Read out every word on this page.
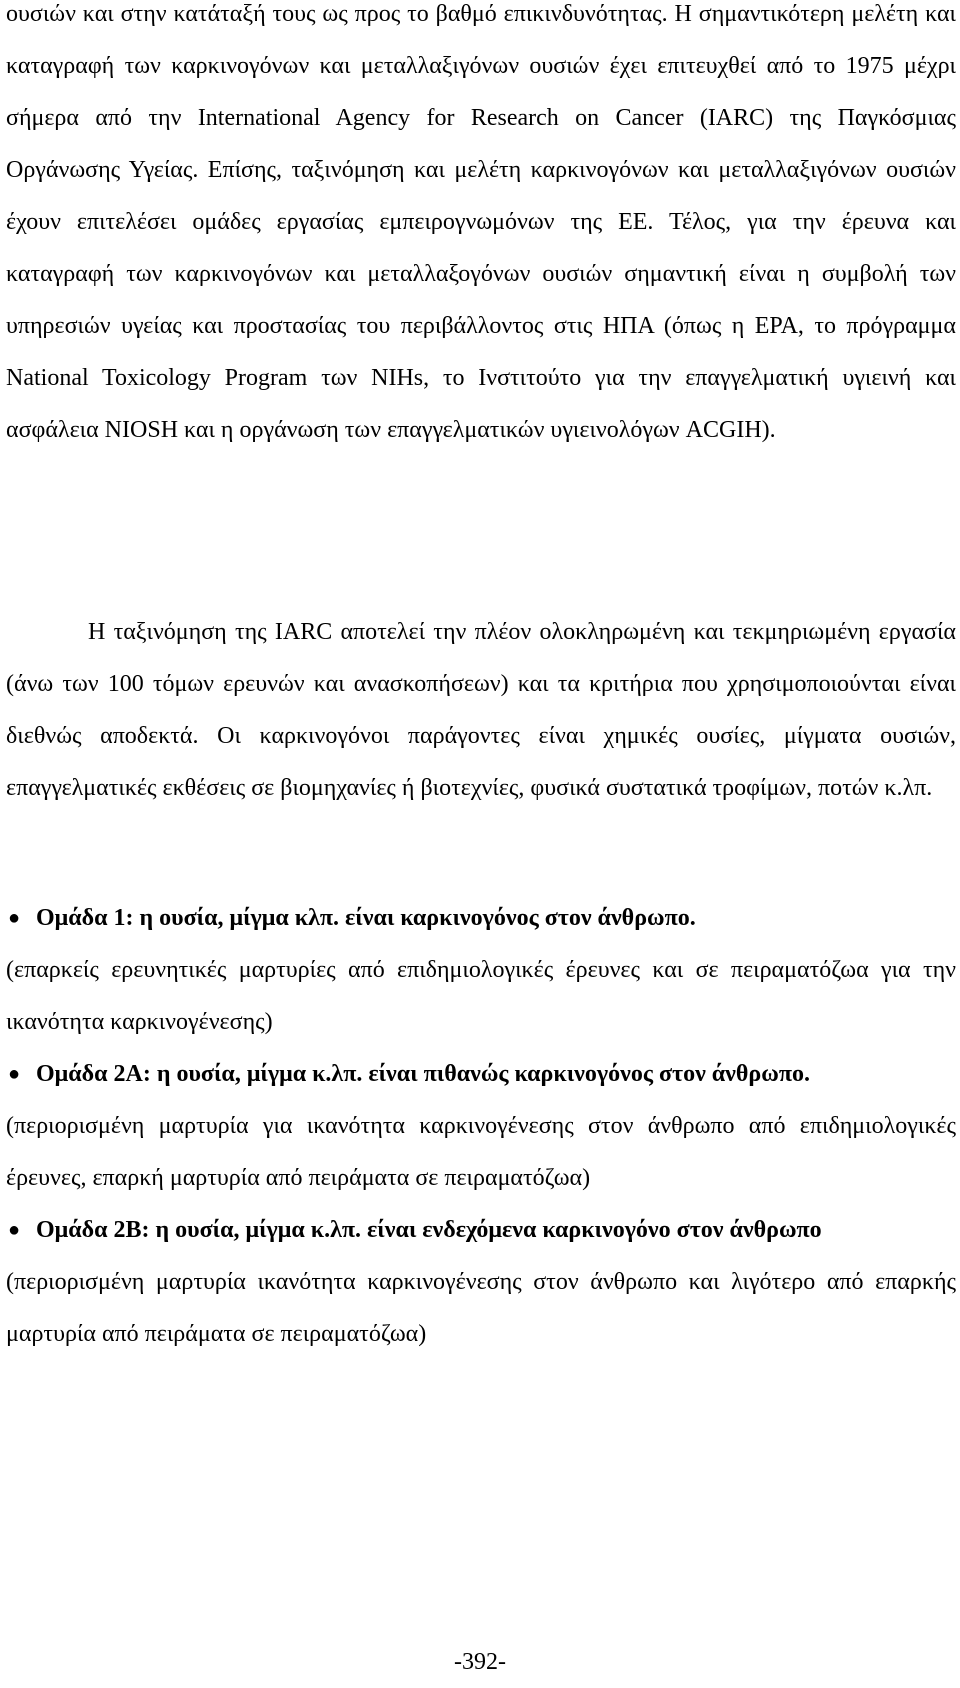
ουσιών και στην κατάταξή τους ως προς το βαθμό επικινδυνότητας. Η σημαντικότερη μελέτη και καταγραφή των καρκινογόνων και μεταλλαξιγόνων ουσιών έχει επιτευχθεί από το 1975 μέχρι σήμερα από την International Agency for Research on Cancer (IARC) της Παγκόσμιας Οργάνωσης Υγείας. Επίσης, ταξινόμηση και μελέτη καρκινογόνων και μεταλλαξιγόνων ουσιών έχουν επιτελέσει ομάδες εργασίας εμπειρογνωμόνων της ΕΕ. Τέλος, για την έρευνα και καταγραφή των καρκινογόνων και μεταλλαξογόνων ουσιών σημαντική είναι η συμβολή των υπηρεσιών υγείας και προστασίας του περιβάλλοντος στις ΗΠΑ (όπως η EPA, το πρόγραμμα National Toxicology Program των NIHs, το Ινστιτούτο για την επαγγελματική υγιεινή και ασφάλεια NIOSH και η οργάνωση των επαγγελματικών υγιεινολόγων ACGIH).
Η ταξινόμηση της IARC αποτελεί την πλέον ολοκληρωμένη και τεκμηριωμένη εργασία (άνω των 100 τόμων ερευνών και ανασκοπήσεων) και τα κριτήρια που χρησιμοποιούνται είναι διεθνώς αποδεκτά. Οι καρκινογόνοι παράγοντες είναι χημικές ουσίες, μίγματα ουσιών, επαγγελματικές εκθέσεις σε βιομηχανίες ή βιοτεχνίες, φυσικά συστατικά τροφίμων, ποτών κ.λπ.
● Ομάδα 1: η ουσία, μίγμα κλπ. είναι καρκινογόνος στον άνθρωπο.
(επαρκείς ερευνητικές μαρτυρίες από επιδημιολογικές έρευνες και σε πειραματόζωα για την ικανότητα καρκινογένεσης)
● Ομάδα 2Α: η ουσία, μίγμα κ.λπ. είναι πιθανώς καρκινογόνος στον άνθρωπο.
(περιορισμένη μαρτυρία για ικανότητα καρκινογένεσης στον άνθρωπο από επιδημιολογικές έρευνες, επαρκή μαρτυρία από πειράματα σε πειραματόζωα)
● Ομάδα 2Β: η ουσία, μίγμα κ.λπ. είναι ενδεχόμενα καρκινογόνο στον άνθρωπο
(περιορισμένη μαρτυρία ικανότητα καρκινογένεσης στον άνθρωπο και λιγότερο από επαρκής μαρτυρία από πειράματα σε πειραματόζωα)
-392-
